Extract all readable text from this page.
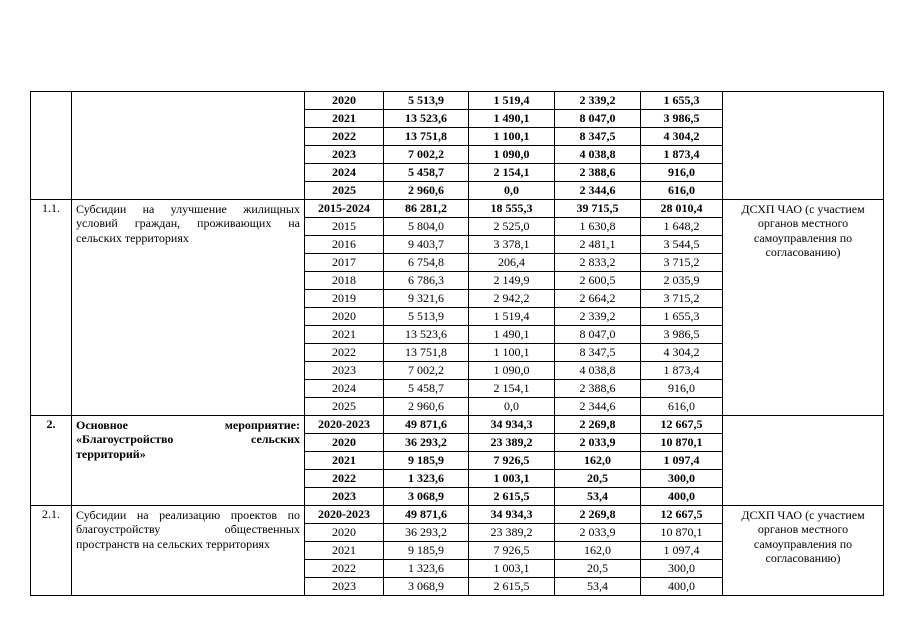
		2020	5 513,9	1 519,4	2 339,2	1 655,3	
		2021	13 523,6	1 490,1	8 047,0	3 986,5	
		2022	13 751,8	1 100,1	8 347,5	4 304,2	
		2023	7 002,2	1 090,0	4 038,8	1 873,4	
		2024	5 458,7	2 154,1	2 388,6	916,0	
		2025	2 960,6	0,0	2 344,6	616,0	
1.1.	Субсидии на улучшение жилищных условий граждан, проживающих на сельских территориях	2015-2024	86 281,2	18 555,3	39 715,5	28 010,4	ДСХП ЧАО (с участием органов местного самоуправления по согласованию)
		2015	5 804,0	2 525,0	1 630,8	1 648,2	
		2016	9 403,7	3 378,1	2 481,1	3 544,5	
		2017	6 754,8	206,4	2 833,2	3 715,2	
		2018	6 786,3	2 149,9	2 600,5	2 035,9	
		2019	9 321,6	2 942,2	2 664,2	3 715,2	
		2020	5 513,9	1 519,4	2 339,2	1 655,3	
		2021	13 523,6	1 490,1	8 047,0	3 986,5	
		2022	13 751,8	1 100,1	8 347,5	4 304,2	
		2023	7 002,2	1 090,0	4 038,8	1 873,4	
		2024	5 458,7	2 154,1	2 388,6	916,0	
		2025	2 960,6	0,0	2 344,6	616,0	
2.	Основное мероприятие:
«Благоустройство сельских
территорий»	2020-2023	49 871,6	34 934,3	2 269,8	12 667,5	
		2020	36 293,2	23 389,2	2 033,9	10 870,1	
		2021	9 185,9	7 926,5	162,0	1 097,4	
		2022	1 323,6	1 003,1	20,5	300,0	
		2023	3 068,9	2 615,5	53,4	400,0	
2.1.	Субсидии на реализацию проектов по благоустройству общественных пространств на сельских территориях	2020-2023	49 871,6	34 934,3	2 269,8	12 667,5	ДСХП ЧАО (с участием органов местного самоуправления по согласованию)
		2020	36 293,2	23 389,2	2 033,9	10 870,1	
		2021	9 185,9	7 926,5	162,0	1 097,4	
		2022	1 323,6	1 003,1	20,5	300,0	
		2023	3 068,9	2 615,5	53,4	400,0	
